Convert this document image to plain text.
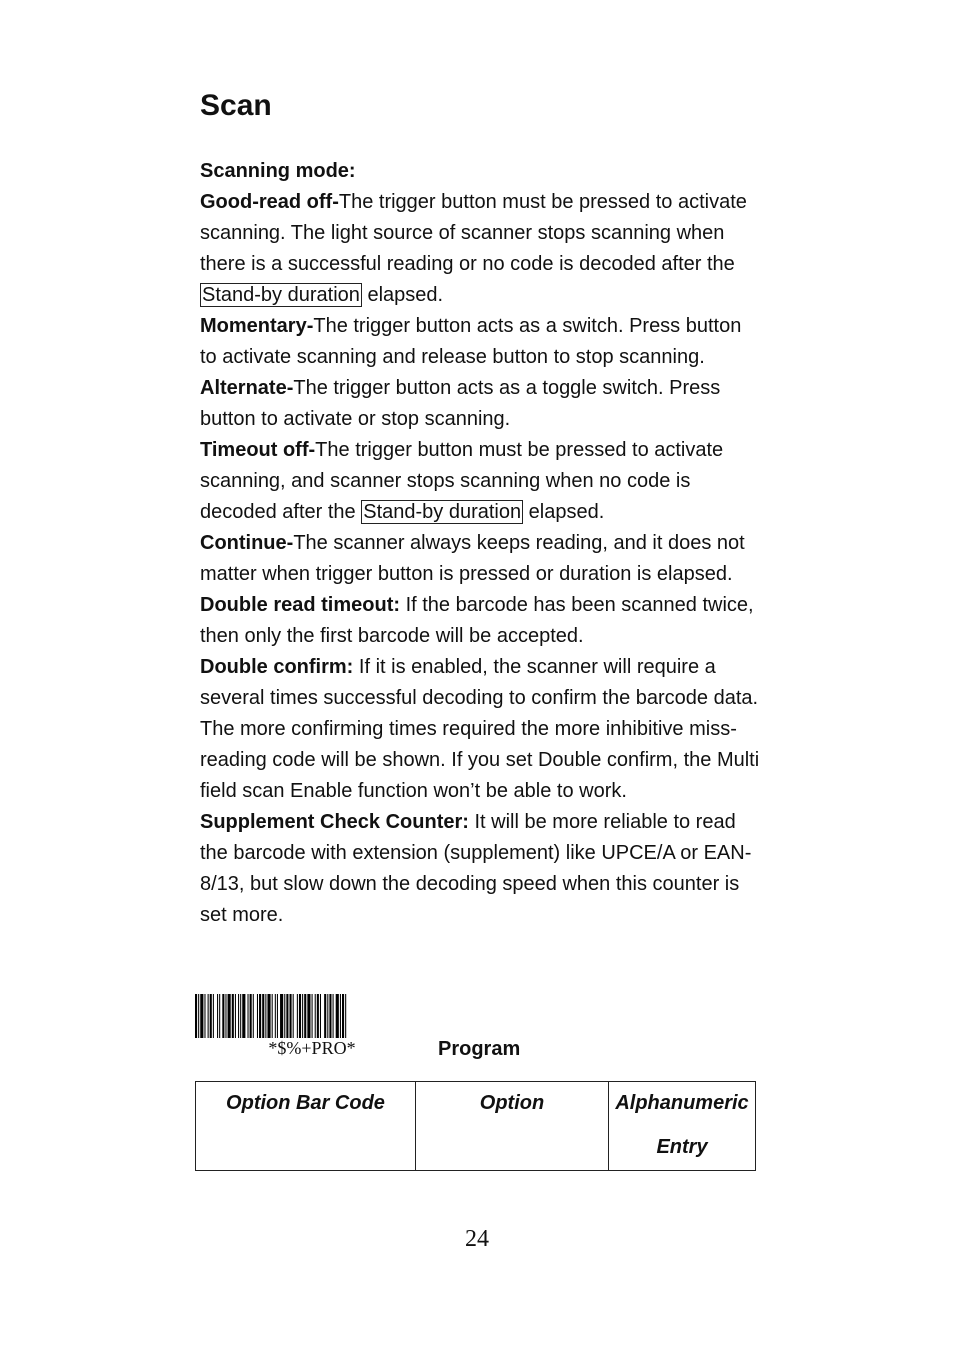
Scan

Scanning mode:

Good-read off-The trigger button must be pressed to activate scanning. The light source of scanner stops scanning when there is a successful reading or no code is decoded after the Stand-by duration elapsed.

Momentary-The trigger button acts as a switch. Press button to activate scanning and release button to stop scanning.

Alternate-The trigger button acts as a toggle switch. Press button to activate or stop scanning.

Timeout off-The trigger button must be pressed to activate scanning, and scanner stops scanning when no code is decoded after the Stand-by duration elapsed.

Continue-The scanner always keeps reading, and it does not matter when trigger button is pressed or duration is elapsed.

Double read timeout: If the barcode has been scanned twice, then only the first barcode will be accepted.

Double confirm: If it is enabled, the scanner will require a several times successful decoding to confirm the barcode data. The more confirming times required the more inhibitive miss-reading code will be shown. If you set Double confirm, the Multi field scan Enable function won’t be able to work.

Supplement Check Counter: It will be more reliable to read the barcode with extension (supplement) like UPCE/A or EAN-8/13, but slow down the decoding speed when this counter is set more.

*$%+PRO*	Program
Option Bar Code	Option	Alphanumeric
Entry
24
